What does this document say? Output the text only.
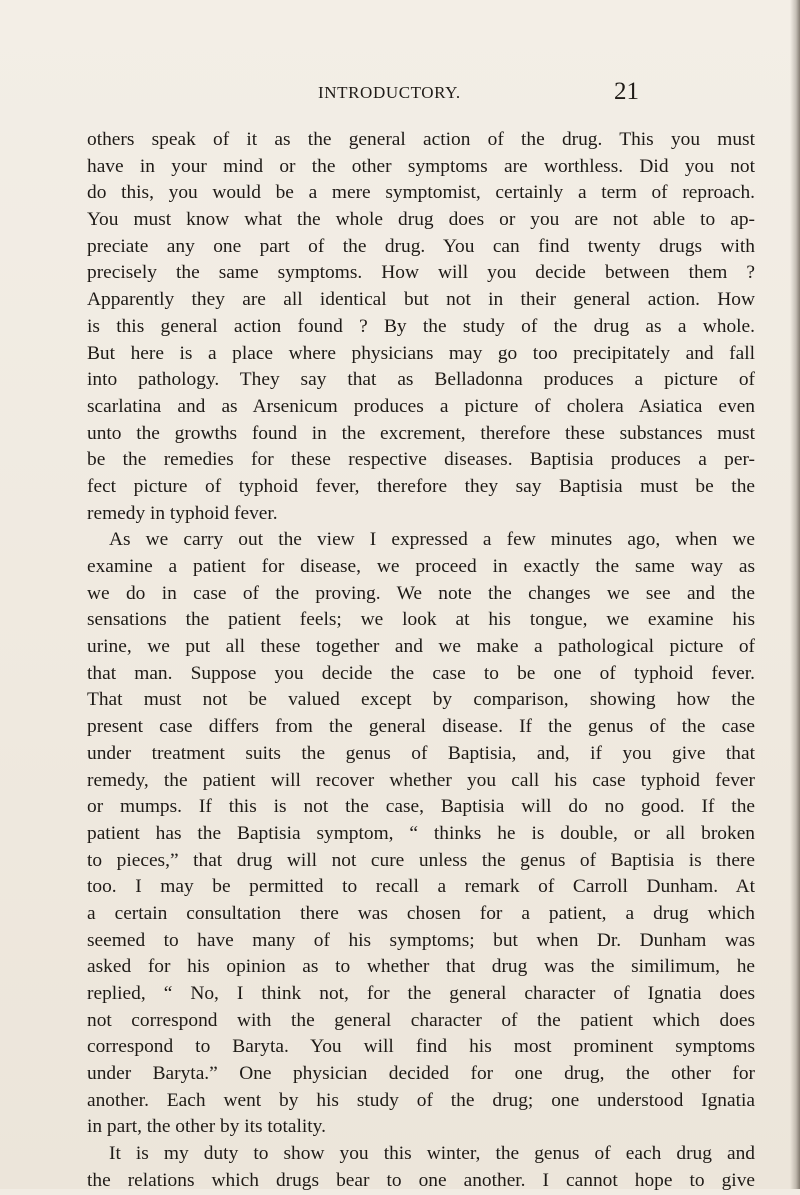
INTRODUCTORY.	21
others speak of it as the general action of the drug. This you must
have in your mind or the other symptoms are worthless. Did you not
do this, you would be a mere symptomist, certainly a term of reproach.
You must know what the whole drug does or you are not able to ap-
preciate any one part of the drug. You can find twenty drugs with
precisely the same symptoms. How will you decide between them ?
Apparently they are all identical but not in their general action. How
is this general action found ? By the study of the drug as a whole.
But here is a place where physicians may go too precipitately and fall
into pathology. They say that as Belladonna produces a picture of
scarlatina and as Arsenicum produces a picture of cholera Asiatica even
unto the growths found in the excrement, therefore these substances must
be the remedies for these respective diseases. Baptisia produces a per-
fect picture of typhoid fever, therefore they say Baptisia must be the
remedy in typhoid fever.
As we carry out the view I expressed a few minutes ago, when we
examine a patient for disease, we proceed in exactly the same way as
we do in case of the proving. We note the changes we see and the
sensations the patient feels; we look at his tongue, we examine his
urine, we put all these together and we make a pathological picture of
that man. Suppose you decide the case to be one of typhoid fever.
That must not be valued except by comparison, showing how the
present case differs from the general disease. If the genus of the case
under treatment suits the genus of Baptisia, and, if you give that
remedy, the patient will recover whether you call his case typhoid fever
or mumps. If this is not the case, Baptisia will do no good. If the
patient has the Baptisia symptom, “ thinks he is double, or all broken
to pieces,” that drug will not cure unless the genus of Baptisia is there
too. I may be permitted to recall a remark of Carroll Dunham. At
a certain consultation there was chosen for a patient, a drug which
seemed to have many of his symptoms; but when Dr. Dunham was
asked for his opinion as to whether that drug was the similimum, he
replied, “ No, I think not, for the general character of Ignatia does
not correspond with the general character of the patient which does
correspond to Baryta. You will find his most prominent symptoms
under Baryta.” One physician decided for one drug, the other for
another. Each went by his study of the drug; one understood Ignatia
in part, the other by its totality.
It is my duty to show you this winter, the genus of each drug and
the relations which drugs bear to one another. I cannot hope to give
